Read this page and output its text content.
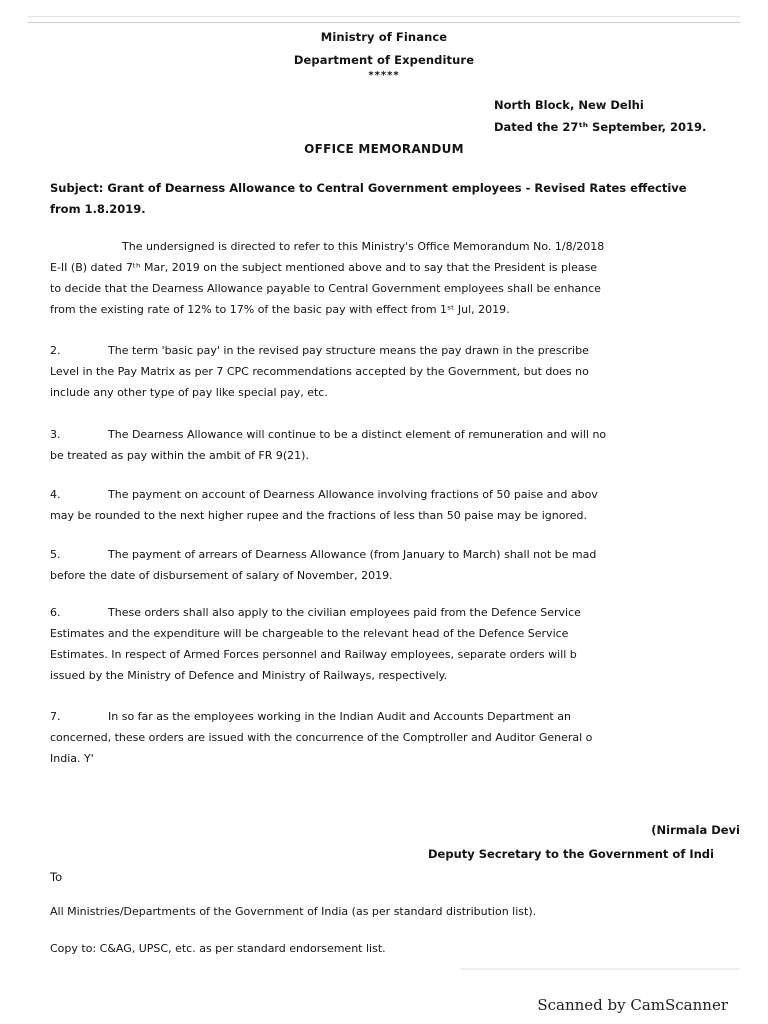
Ministry of Finance
Department of Expenditure
*****
North Block, New Delhi
Dated the 27ᵗʰ September, 2019.
OFFICE MEMORANDUM
Subject: Grant of Dearness Allowance to Central Government employees - Revised Rates effective
from 1.8.2019.
The undersigned is directed to refer to this Ministry's Office Memorandum No. 1/8/2018
E-II (B) dated 7ᵗʰ Mar, 2019 on the subject mentioned above and to say that the President is please
to decide that the Dearness Allowance payable to Central Government employees shall be enhance
from the existing rate of 12% to 17% of the basic pay with effect from 1ˢᵗ Jul, 2019.
2.	The term 'basic pay' in the revised pay structure means the pay drawn in the prescribe
Level in the Pay Matrix as per 7 CPC recommendations accepted by the Government, but does no
include any other type of pay like special pay, etc.
3.	The Dearness Allowance will continue to be a distinct element of remuneration and will no
be treated as pay within the ambit of FR 9(21).
4.	The payment on account of Dearness Allowance involving fractions of 50 paise and abov
may be rounded to the next higher rupee and the fractions of less than 50 paise may be ignored.
5.	The payment of arrears of Dearness Allowance (from January to March) shall not be mad
before the date of disbursement of salary of November, 2019.
6.	These orders shall also apply to the civilian employees paid from the Defence Service
Estimates and the expenditure will be chargeable to the relevant head of the Defence Service
Estimates. In respect of Armed Forces personnel and Railway employees, separate orders will b
issued by the Ministry of Defence and Ministry of Railways, respectively.
7.	In so far as the employees working in the Indian Audit and Accounts Department an
concerned, these orders are issued with the concurrence of the Comptroller and Auditor General o
India. Y'
(Nirmala Devi
Deputy Secretary to the Government of Indi
To
All Ministries/Departments of the Government of India (as per standard distribution list).
Copy to: C&AG, UPSC, etc. as per standard endorsement list.
Scanned by CamScanner
